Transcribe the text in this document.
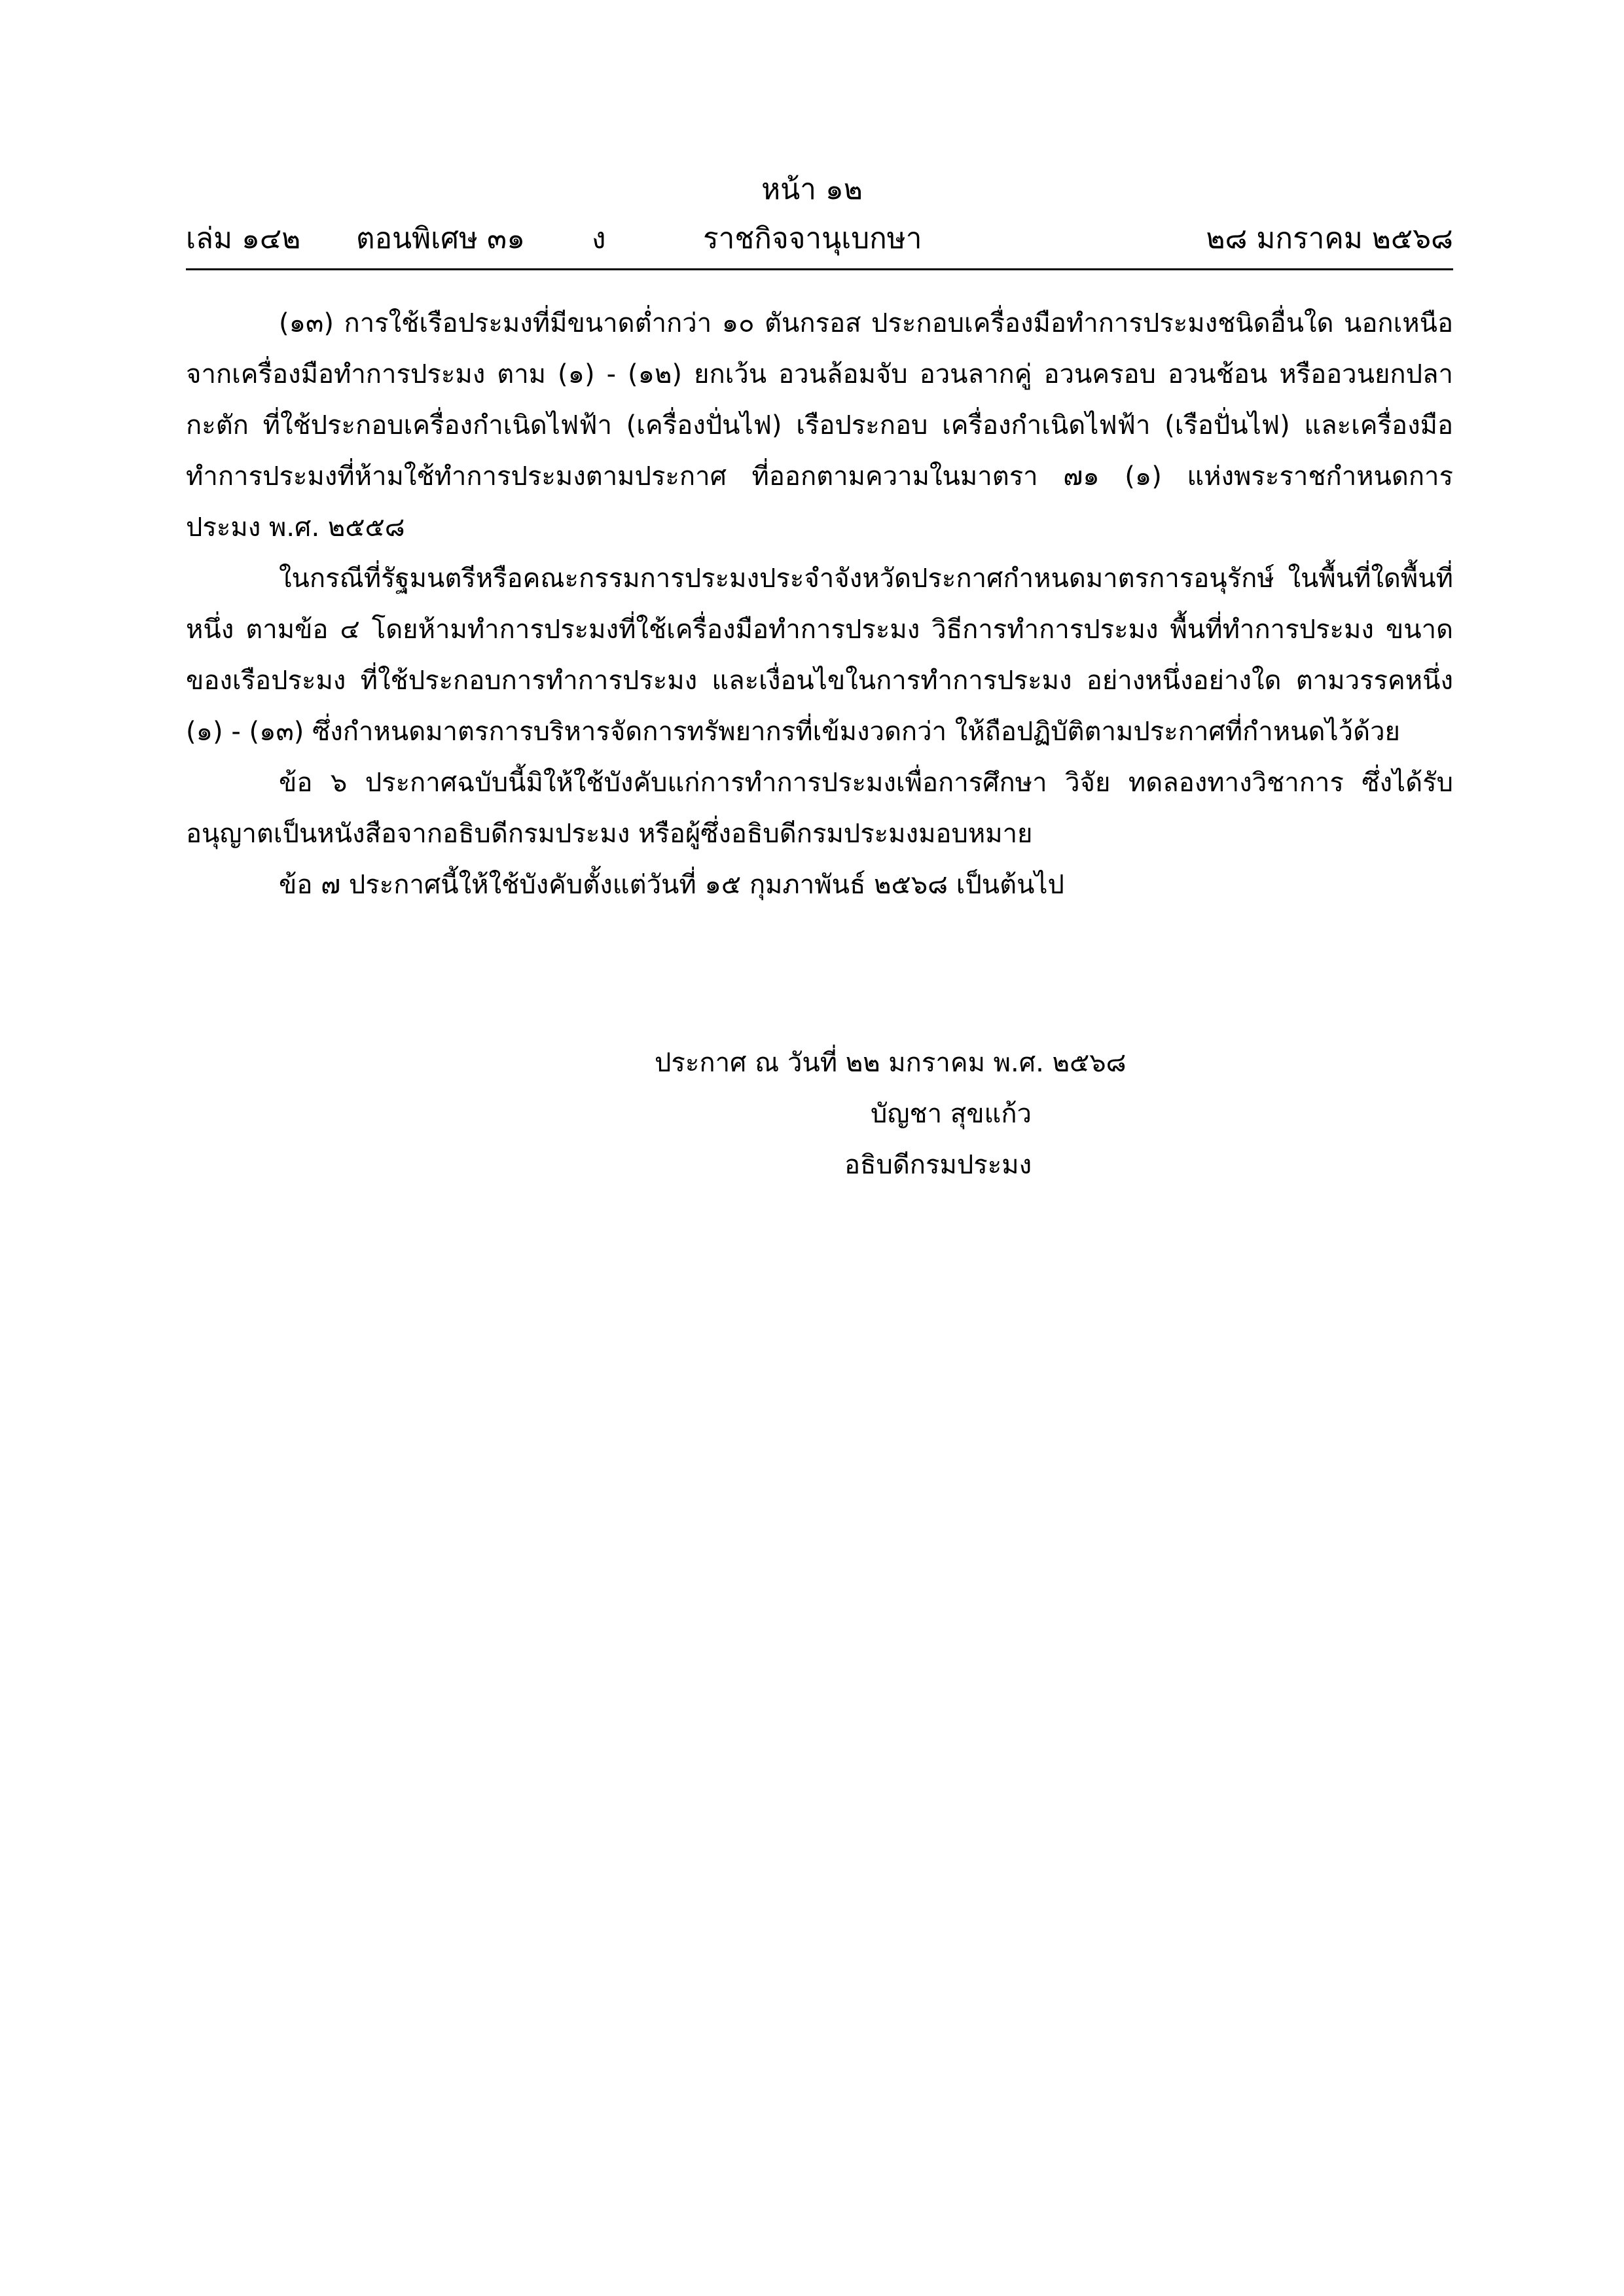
หน้า ๑๒
เล่ม ๑๔๒ ตอนพิเศษ ๓๑ ง	ราชกิจจานุเบกษา	๒๘ มกราคม ๒๕๖๘

(๑๓) การใช้เรือประมงที่มีขนาดต่ำกว่า ๑๐ ตันกรอส ประกอบเครื่องมือทำการประมงชนิดอื่นใด นอกเหนือจากเครื่องมือทำการประมง ตาม (๑) - (๑๒) ยกเว้น อวนล้อมจับ อวนลากคู่ อวนครอบ อวนช้อน หรืออวนยกปลากะตัก ที่ใช้ประกอบเครื่องกำเนิดไฟฟ้า (เครื่องปั่นไฟ) เรือประกอบ เครื่องกำเนิดไฟฟ้า (เรือปั่นไฟ) และเครื่องมือทำการประมงที่ห้ามใช้ทำการประมงตามประกาศ ที่ออกตามความในมาตรา ๗๑ (๑) แห่งพระราชกำหนดการประมง พ.ศ. ๒๕๕๘

ในกรณีที่รัฐมนตรีหรือคณะกรรมการประมงประจำจังหวัดประกาศกำหนดมาตรการอนุรักษ์ ในพื้นที่ใดพื้นที่หนึ่ง ตามข้อ ๔ โดยห้ามทำการประมงที่ใช้เครื่องมือทำการประมง วิธีการทำการประมง พื้นที่ทำการประมง ขนาดของเรือประมง ที่ใช้ประกอบการทำการประมง และเงื่อนไขในการทำการประมง อย่างหนึ่งอย่างใด ตามวรรคหนึ่ง (๑) - (๑๓) ซึ่งกำหนดมาตรการบริหารจัดการทรัพยากรที่เข้มงวดกว่า ให้ถือปฏิบัติตามประกาศที่กำหนดไว้ด้วย

ข้อ ๖ ประกาศฉบับนี้มิให้ใช้บังคับแก่การทำการประมงเพื่อการศึกษา วิจัย ทดลองทางวิชาการ ซึ่งได้รับอนุญาตเป็นหนังสือจากอธิบดีกรมประมง หรือผู้ซึ่งอธิบดีกรมประมงมอบหมาย

ข้อ ๗ ประกาศนี้ให้ใช้บังคับตั้งแต่วันที่ ๑๕ กุมภาพันธ์ ๒๕๖๘ เป็นต้นไป

ประกาศ ณ วันที่ ๒๒ มกราคม พ.ศ. ๒๕๖๘
บัญชา สุขแก้ว
อธิบดีกรมประมง
